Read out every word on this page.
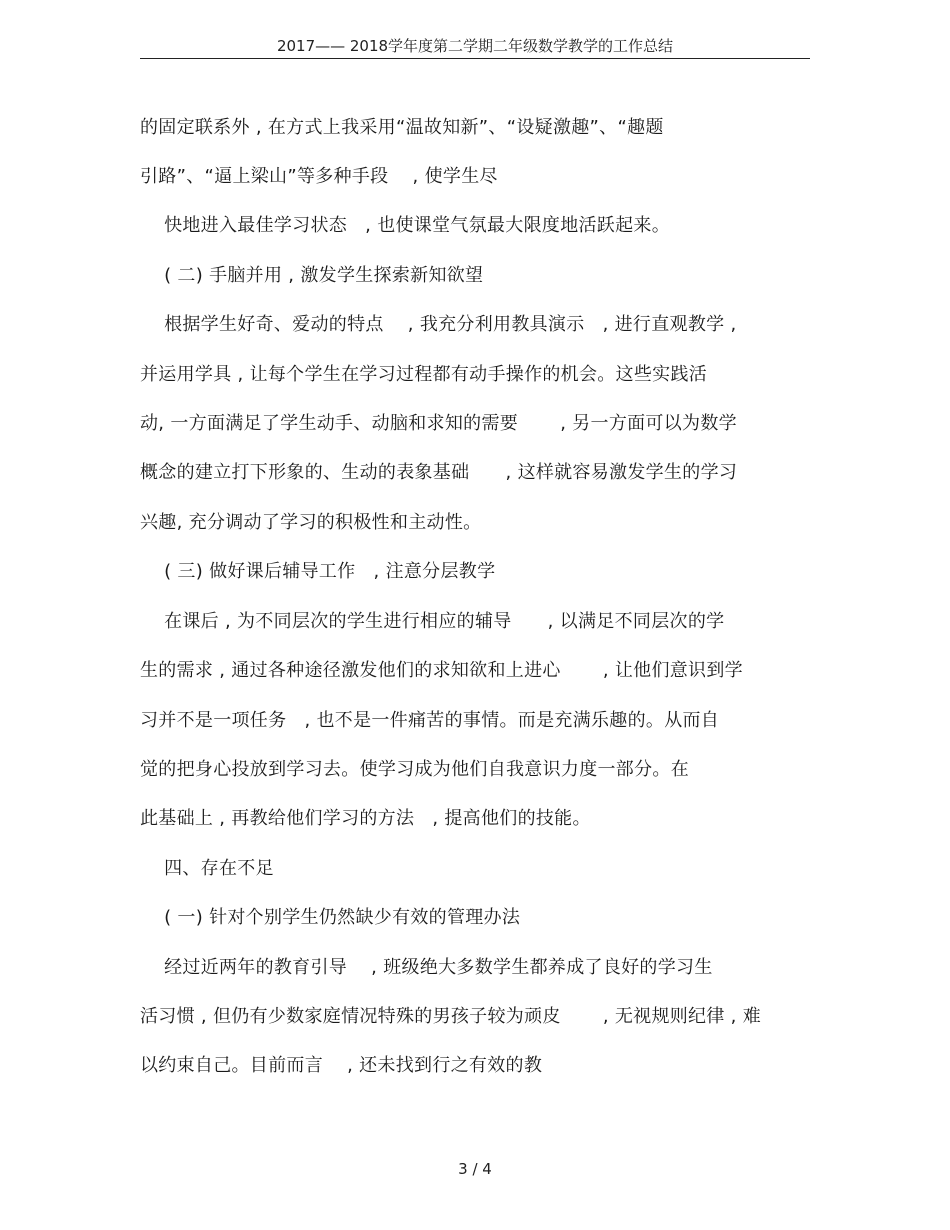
2017—— 2018学年度第二学期二年级数学教学的工作总结
的固定联系外 , 在方式上我采用“温故知新”、“设疑激趣”、“趣题
引路”、“逼上梁山”等多种手段    , 使学生尽
快地进入最佳学习状态   , 也使课堂气氛最大限度地活跃起来。
( 二) 手脑并用 , 激发学生探索新知欲望
根据学生好奇、爱动的特点    , 我充分利用教具演示   , 进行直观教学 ,
并运用学具 , 让每个学生在学习过程都有动手操作的机会。这些实践活
动, 一方面满足了学生动手、动脑和求知的需要       , 另一方面可以为数学
概念的建立打下形象的、生动的表象基础      , 这样就容易激发学生的学习
兴趣, 充分调动了学习的积极性和主动性。
( 三) 做好课后辅导工作   , 注意分层教学
在课后 , 为不同层次的学生进行相应的辅导      , 以满足不同层次的学
生的需求 , 通过各种途径激发他们的求知欲和上进心       , 让他们意识到学
习并不是一项任务   , 也不是一件痛苦的事情。而是充满乐趣的。从而自
觉的把身心投放到学习去。使学习成为他们自我意识力度一部分。在
此基础上 , 再教给他们学习的方法   , 提高他们的技能。
四、存在不足
( 一) 针对个别学生仍然缺少有效的管理办法
经过近两年的教育引导    , 班级绝大多数学生都养成了良好的学习生
活习惯 , 但仍有少数家庭情况特殊的男孩子较为顽皮       , 无视规则纪律 , 难
以约束自己。目前而言    , 还未找到行之有效的教
3 / 4
